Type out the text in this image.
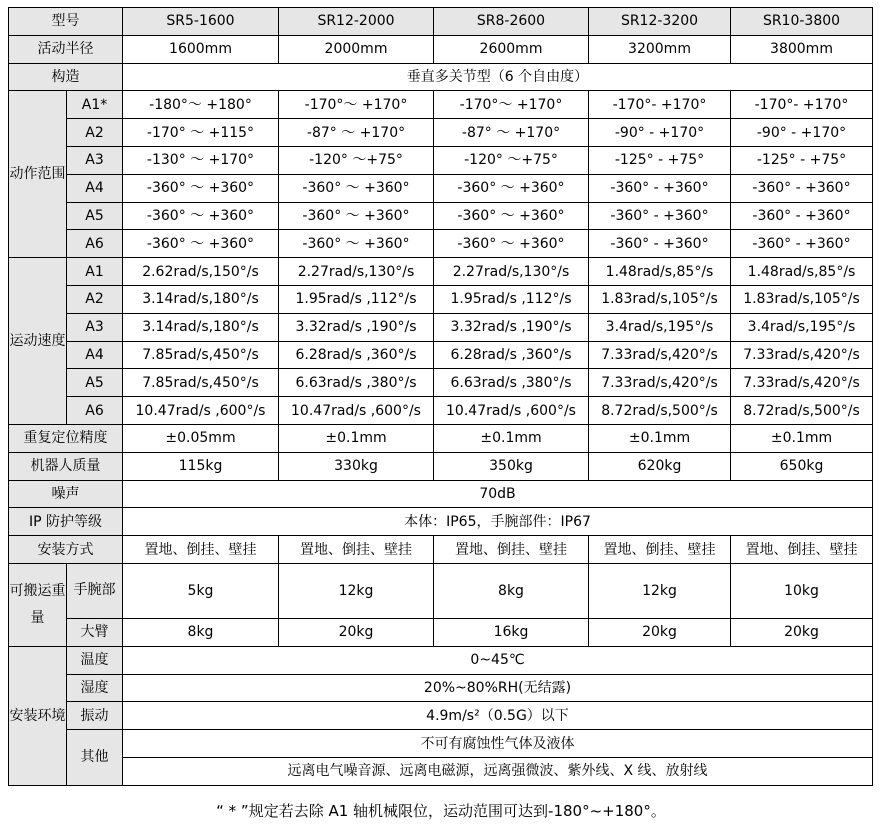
型号		SR5-1600	SR12-2000	SR8-2600	SR12-3200	SR10-3800
活动半径		1600mm	2000mm	2600mm	3200mm	3800mm
构造		垂直多关节型（6 个自由度）				
动作范围	A1*	-180°～ +180°	-170°～ +170°	-170°～ +170°	-170°- +170°	-170°- +170°
	A2	-170° ～ +115°	-87° ～ +170°	-87° ～ +170°	-90° - +170°	-90° - +170°
	A3	-130° ～ +170°	-120° ～+75°	-120° ～+75°	-125° - +75°	-125° - +75°
	A4	-360° ～ +360°	-360° ～ +360°	-360° ～ +360°	-360° - +360°	-360° - +360°
	A5	-360° ～ +360°	-360° ～ +360°	-360° ～ +360°	-360° - +360°	-360° - +360°
	A6	-360° ～ +360°	-360° ～ +360°	-360° ～ +360°	-360° - +360°	-360° - +360°
运动速度	A1	2.62rad/s,150°/s	2.27rad/s,130°/s	2.27rad/s,130°/s	1.48rad/s,85°/s	1.48rad/s,85°/s
	A2	3.14rad/s,180°/s	1.95rad/s ,112°/s	1.95rad/s ,112°/s	1.83rad/s,105°/s	1.83rad/s,105°/s
	A3	3.14rad/s,180°/s	3.32rad/s ,190°/s	3.32rad/s ,190°/s	3.4rad/s,195°/s	3.4rad/s,195°/s
	A4	7.85rad/s,450°/s	6.28rad/s ,360°/s	6.28rad/s ,360°/s	7.33rad/s,420°/s	7.33rad/s,420°/s
	A5	7.85rad/s,450°/s	6.63rad/s ,380°/s	6.63rad/s ,380°/s	7.33rad/s,420°/s	7.33rad/s,420°/s
	A6	10.47rad/s ,600°/s	10.47rad/s ,600°/s	10.47rad/s ,600°/s	8.72rad/s,500°/s	8.72rad/s,500°/s
重复定位精度		±0.05mm	±0.1mm	±0.1mm	±0.1mm	±0.1mm
机器人质量		115kg	330kg	350kg	620kg	650kg
噪声		70dB				
IP 防护等级		本体：IP65，手腕部件：IP67				
安装方式		置地、倒挂、壁挂	置地、倒挂、壁挂	置地、倒挂、壁挂	置地、倒挂、壁挂	置地、倒挂、壁挂
可搬运重量	手腕部	5kg	12kg	8kg	12kg	10kg
	大臂	8kg	20kg	16kg	20kg	20kg
安装环境	温度	0~45℃				
	湿度	20%~80%RH(无结露)				
	振动	4.9m/s²（0.5G）以下				
	其他	不可有腐蚀性气体及液体				
		远离电气噪音源、远离电磁源，远离强微波、紫外线、X 线、放射线				
“ * ”规定若去除 A1 轴机械限位，运动范围可达到-180°~+180°。
